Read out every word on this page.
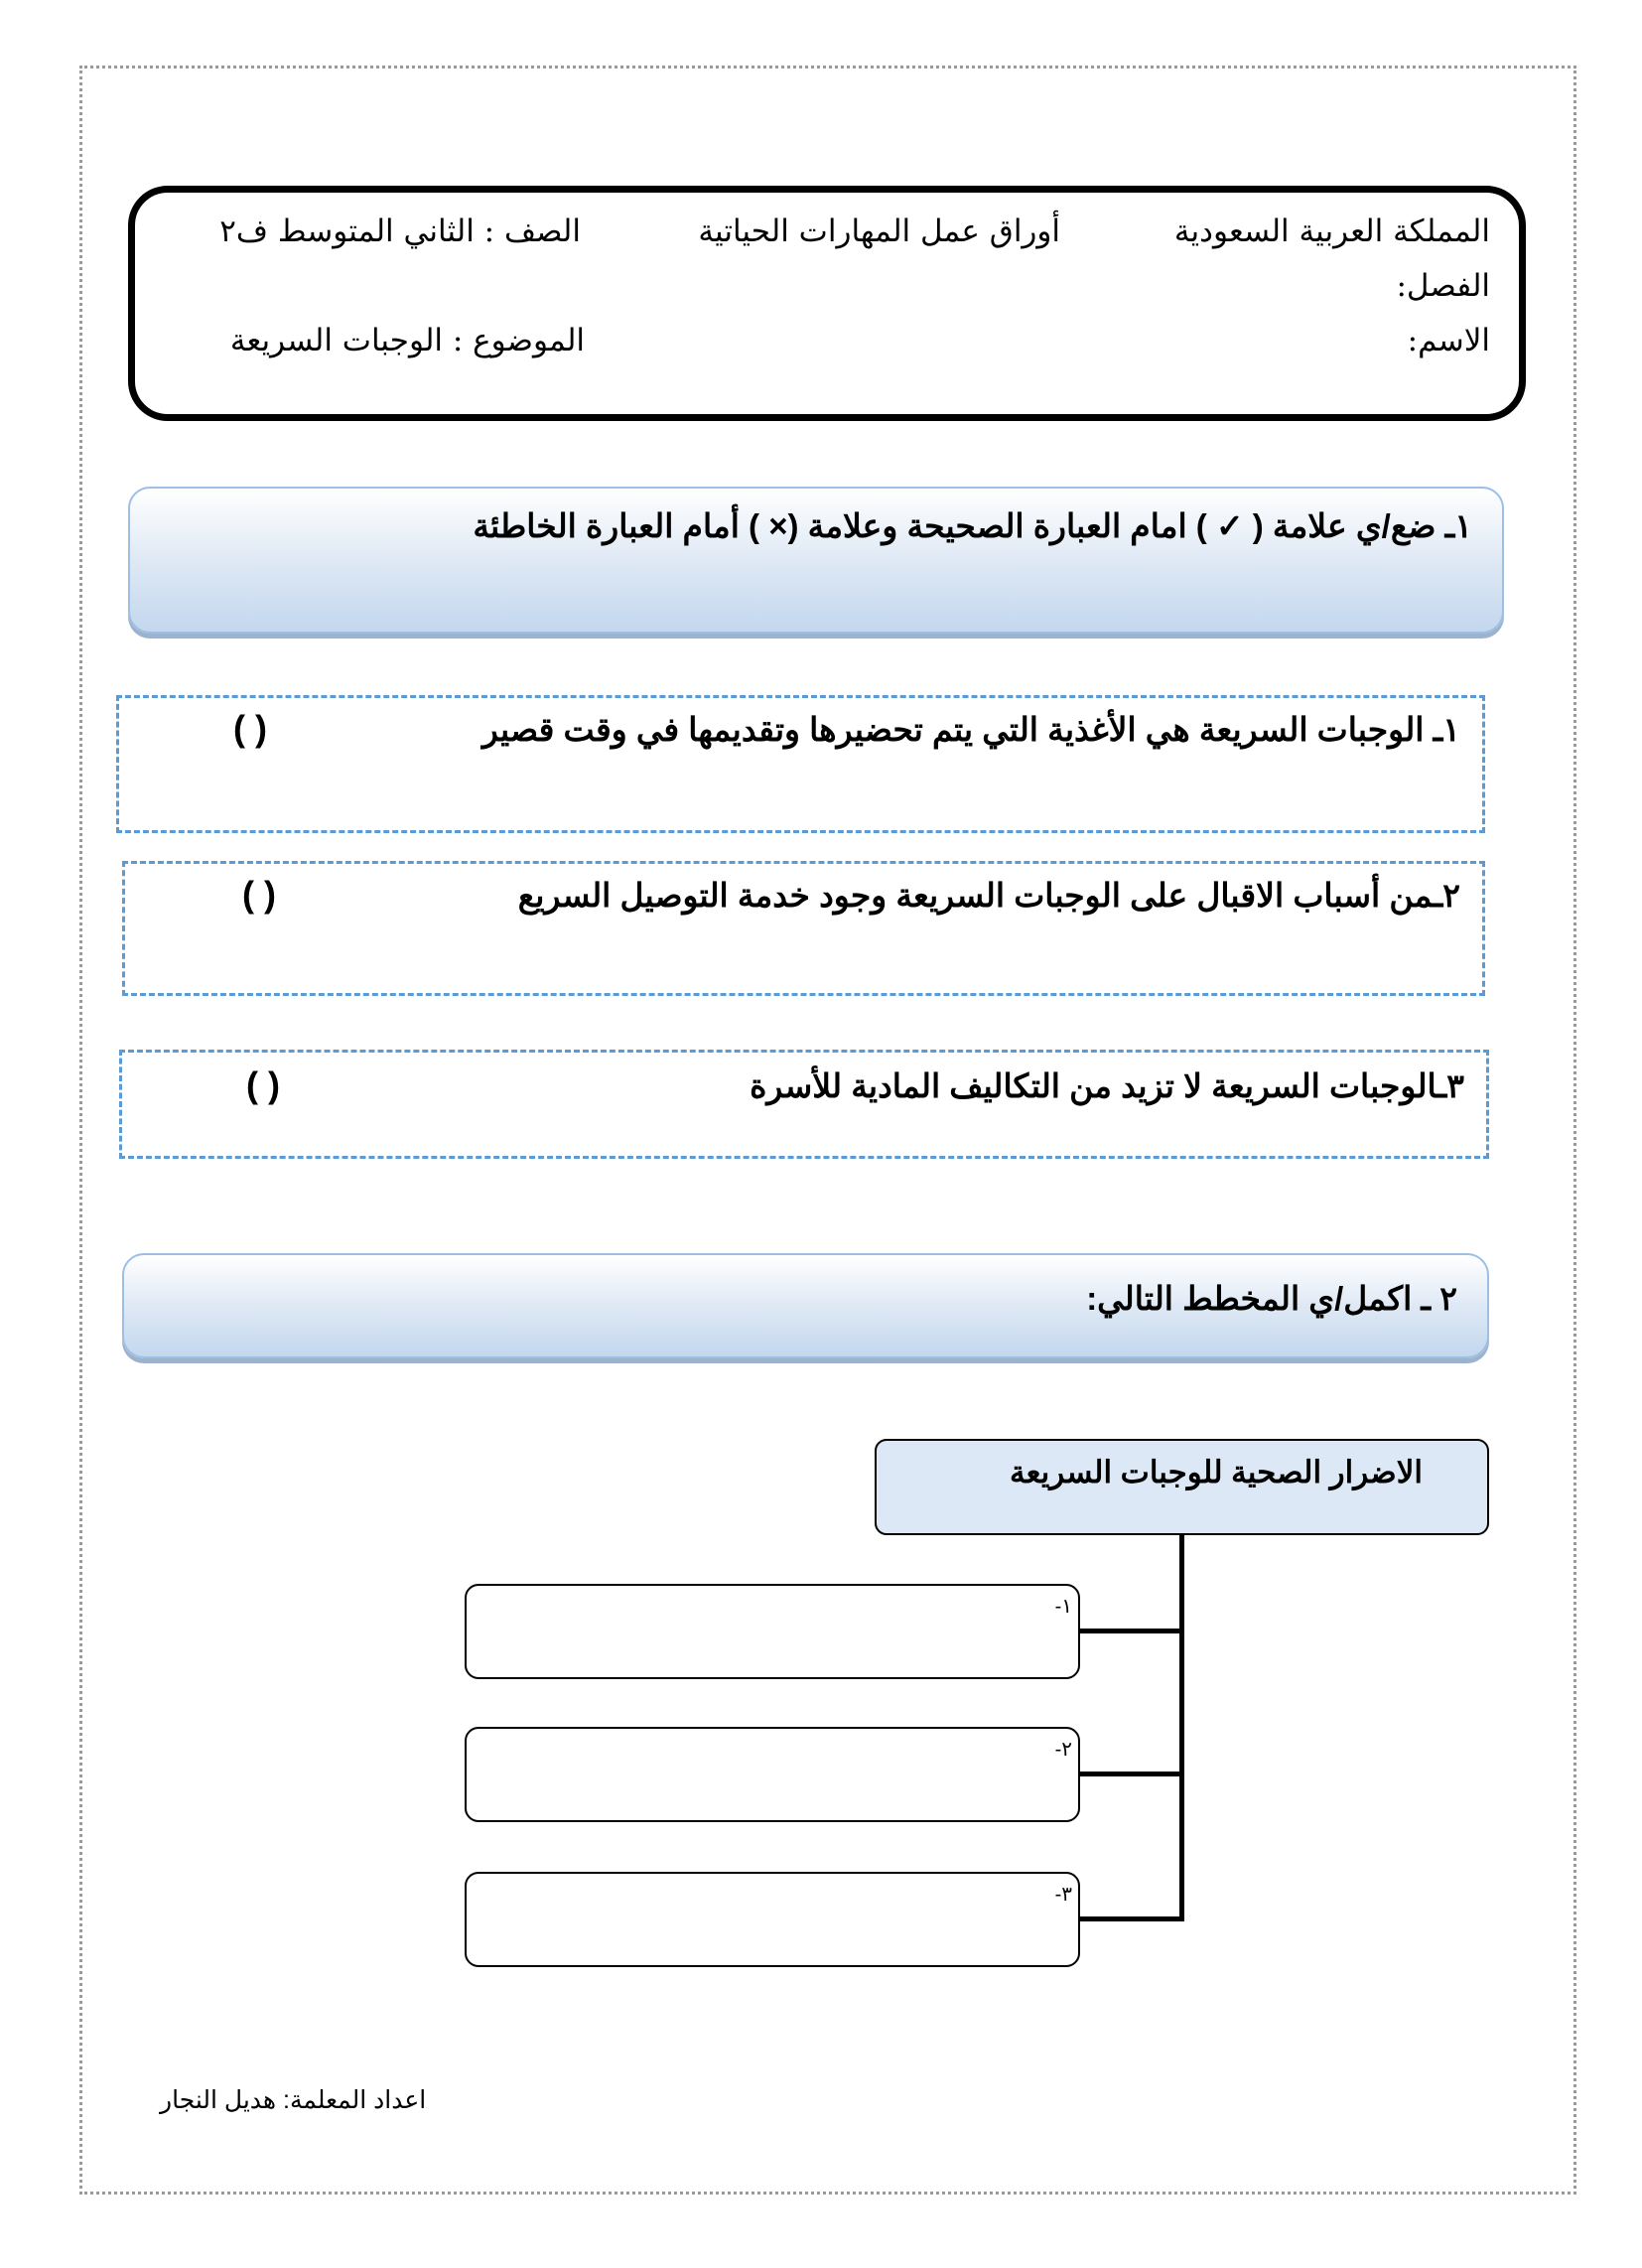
المملكة العربية السعودية
أوراق عمل المهارات الحياتية
الصف : الثاني المتوسط ف٢
الفصل:
الاسم:
الموضوع : الوجبات السريعة
١ـ ضع/ي علامة ( ✓ ) امام العبارة الصحيحة وعلامة (× ) أمام العبارة الخاطئة
١ـ الوجبات السريعة هي الأغذية التي يتم تحضيرها وتقديمها في وقت قصير
( )
٢ـمن أسباب الاقبال على الوجبات السريعة وجود خدمة التوصيل السريع
( )
٣ـالوجبات السريعة لا تزيد من التكاليف المادية للأسرة
( )
٢ ـ اكمل/ي المخطط التالي:
الاضرار الصحية للوجبات السريعة
١-
٢-
٣-
اعداد المعلمة: هديل النجار
